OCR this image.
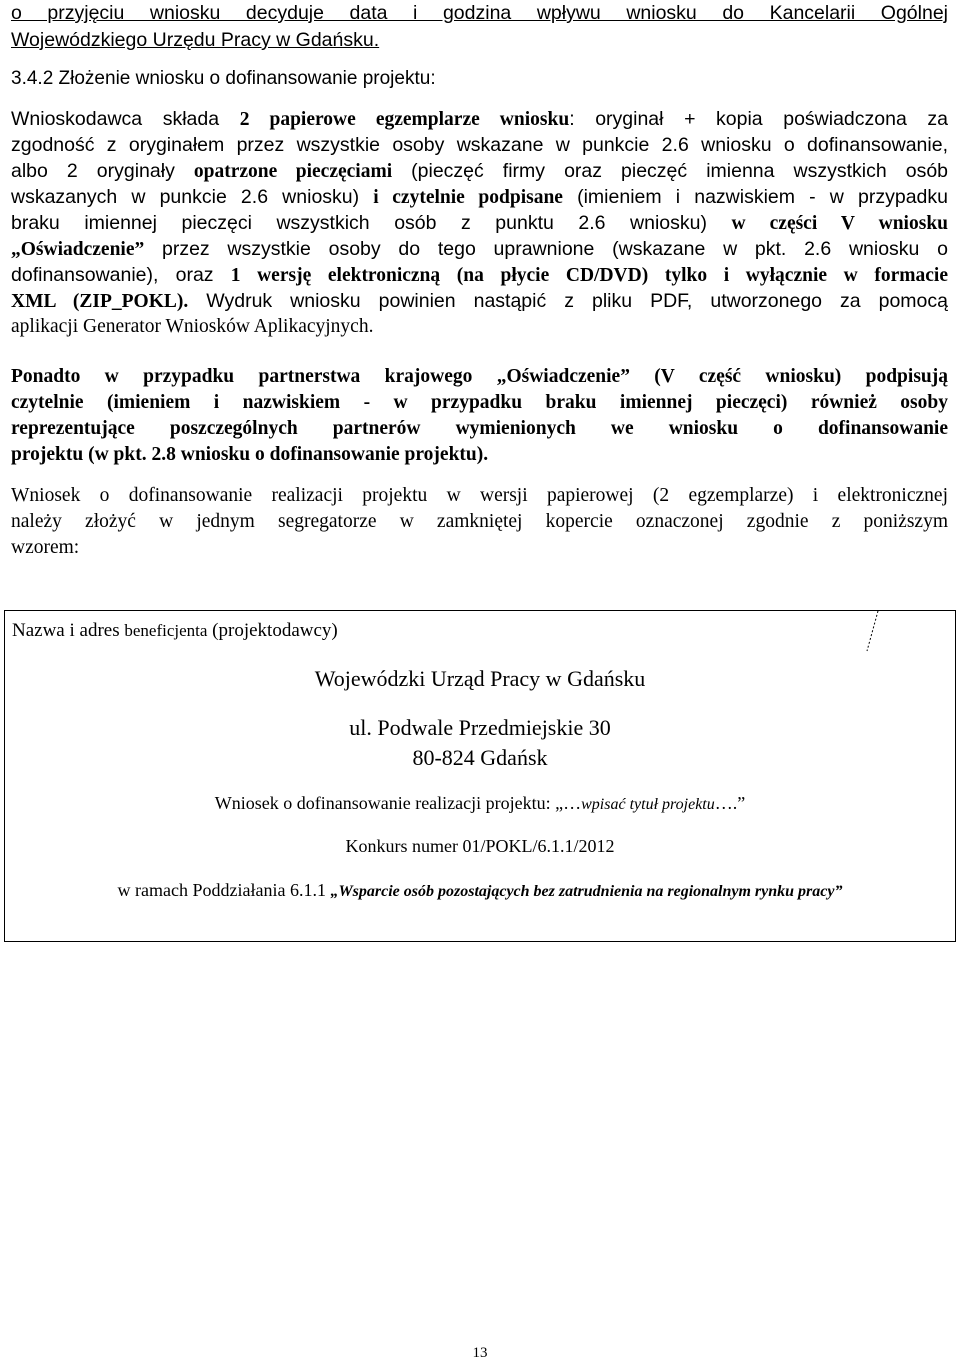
o przyjęciu wniosku decyduje data i godzina wpływu wniosku do Kancelarii Ogólnej
Wojewódzkiego Urzędu Pracy w Gdańsku.
3.4.2 Złożenie wniosku o dofinansowanie projektu:
Wnioskodawca składa 2 papierowe egzemplarze wniosku: oryginał + kopia poświadczona za
zgodność z oryginałem przez wszystkie osoby wskazane w punkcie 2.6 wniosku o dofinansowanie,
albo 2 oryginały opatrzone pieczęciami (pieczęć firmy oraz pieczęć imienna wszystkich osób
wskazanych w punkcie 2.6 wniosku) i czytelnie podpisane (imieniem i nazwiskiem - w przypadku
braku imiennej pieczęci wszystkich osób z punktu 2.6 wniosku) w części V wniosku
„Oświadczenie” przez wszystkie osoby do tego uprawnione (wskazane w pkt. 2.6 wniosku o
dofinansowanie), oraz 1 wersję elektroniczną (na płycie CD/DVD) tylko i wyłącznie w formacie
XML (ZIP_POKL). Wydruk wniosku powinien nastąpić z pliku PDF, utworzonego za pomocą
aplikacji Generator Wniosków Aplikacyjnych.
Ponadto w przypadku partnerstwa krajowego „Oświadczenie” (V część wniosku) podpisują
czytelnie (imieniem i nazwiskiem - w przypadku braku imiennej pieczęci) również osoby
reprezentujące poszczególnych partnerów wymienionych we wniosku o dofinansowanie
projektu (w pkt. 2.8 wniosku o dofinansowanie projektu).
Wniosek o dofinansowanie realizacji projektu w wersji papierowej (2 egzemplarze) i elektronicznej
należy złożyć w jednym segregatorze w zamkniętej kopercie oznaczonej zgodnie z poniższym
wzorem:
Nazwa i adres beneficjenta (projektodawcy)
Wojewódzki Urząd Pracy w Gdańsku
ul. Podwale Przedmiejskie 30
80-824 Gdańsk
Wniosek o dofinansowanie realizacji projektu: „…wpisać tytuł projektu….”
Konkurs numer 01/POKL/6.1.1/2012
w ramach Poddziałania 6.1.1 „Wsparcie osób pozostających bez zatrudnienia na regionalnym rynku pracy”
13
